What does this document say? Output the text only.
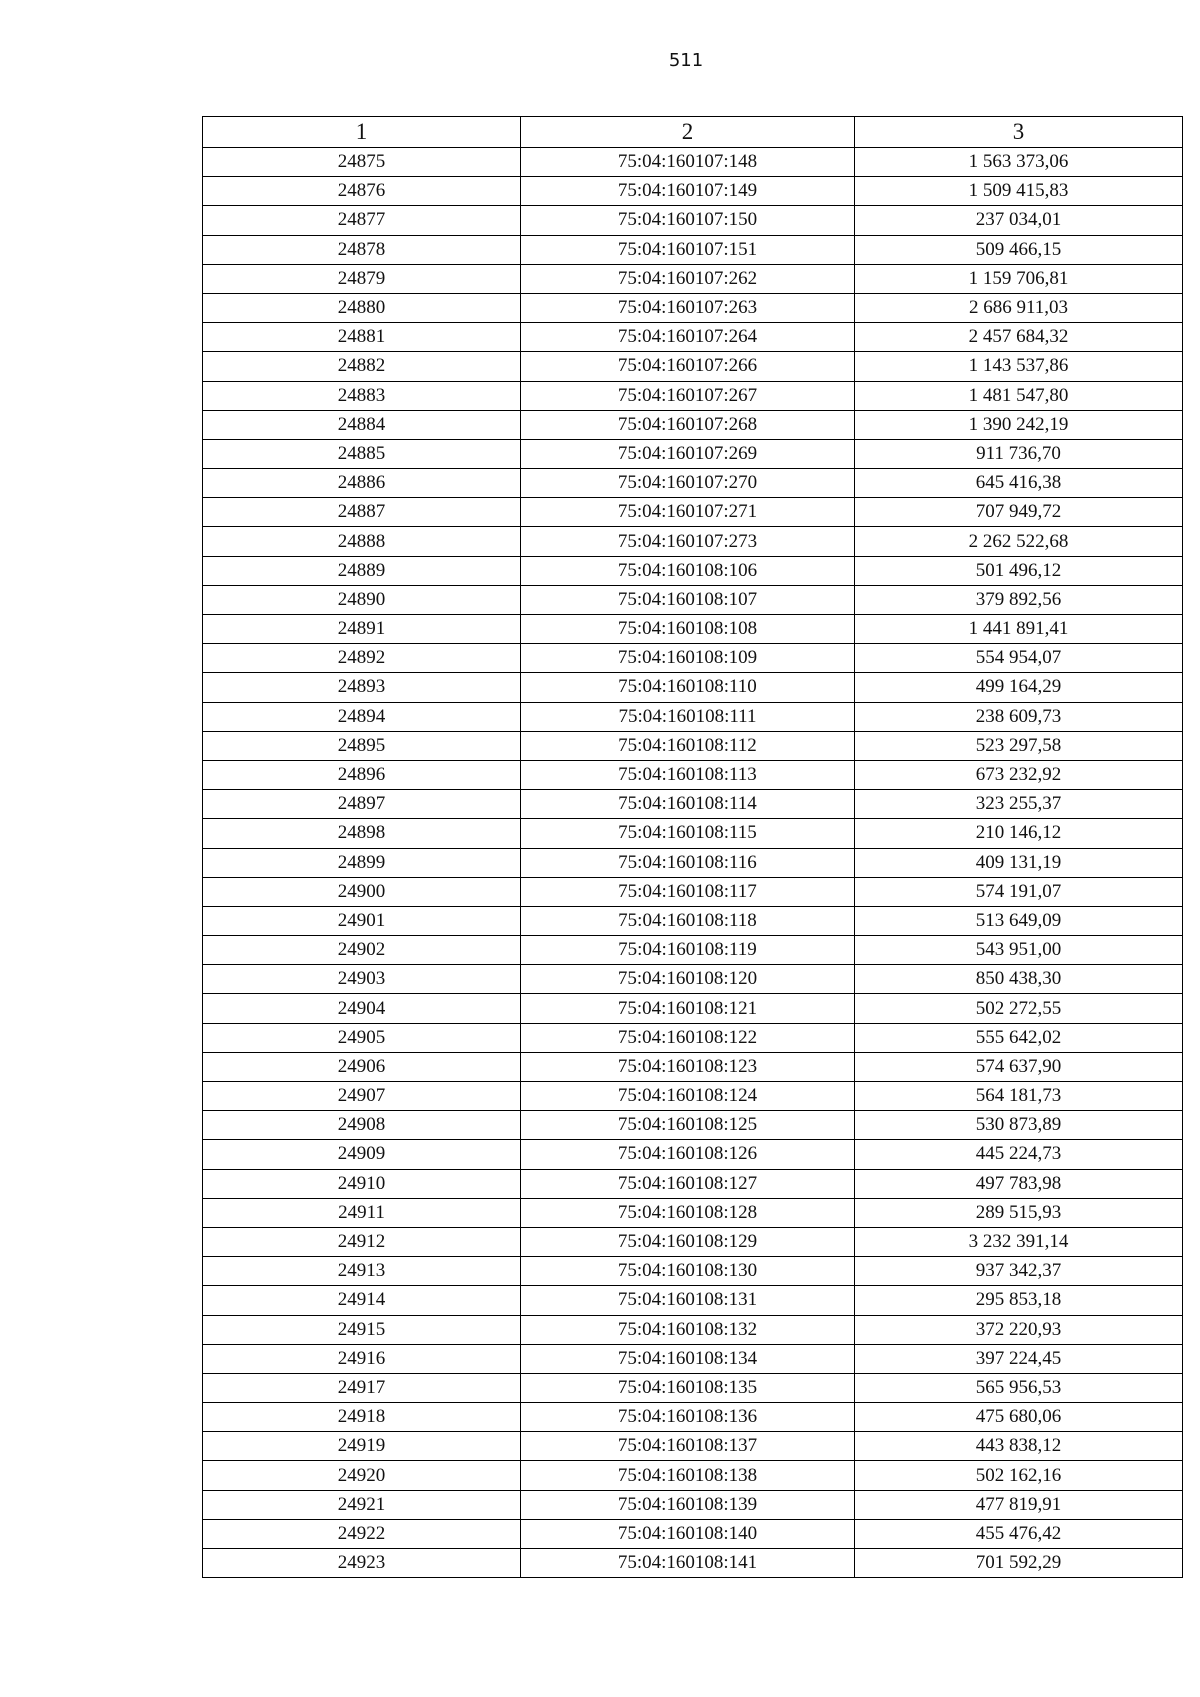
511
1	2	3
24875	75:04:160107:148	1 563 373,06
24876	75:04:160107:149	1 509 415,83
24877	75:04:160107:150	237 034,01
24878	75:04:160107:151	509 466,15
24879	75:04:160107:262	1 159 706,81
24880	75:04:160107:263	2 686 911,03
24881	75:04:160107:264	2 457 684,32
24882	75:04:160107:266	1 143 537,86
24883	75:04:160107:267	1 481 547,80
24884	75:04:160107:268	1 390 242,19
24885	75:04:160107:269	911 736,70
24886	75:04:160107:270	645 416,38
24887	75:04:160107:271	707 949,72
24888	75:04:160107:273	2 262 522,68
24889	75:04:160108:106	501 496,12
24890	75:04:160108:107	379 892,56
24891	75:04:160108:108	1 441 891,41
24892	75:04:160108:109	554 954,07
24893	75:04:160108:110	499 164,29
24894	75:04:160108:111	238 609,73
24895	75:04:160108:112	523 297,58
24896	75:04:160108:113	673 232,92
24897	75:04:160108:114	323 255,37
24898	75:04:160108:115	210 146,12
24899	75:04:160108:116	409 131,19
24900	75:04:160108:117	574 191,07
24901	75:04:160108:118	513 649,09
24902	75:04:160108:119	543 951,00
24903	75:04:160108:120	850 438,30
24904	75:04:160108:121	502 272,55
24905	75:04:160108:122	555 642,02
24906	75:04:160108:123	574 637,90
24907	75:04:160108:124	564 181,73
24908	75:04:160108:125	530 873,89
24909	75:04:160108:126	445 224,73
24910	75:04:160108:127	497 783,98
24911	75:04:160108:128	289 515,93
24912	75:04:160108:129	3 232 391,14
24913	75:04:160108:130	937 342,37
24914	75:04:160108:131	295 853,18
24915	75:04:160108:132	372 220,93
24916	75:04:160108:134	397 224,45
24917	75:04:160108:135	565 956,53
24918	75:04:160108:136	475 680,06
24919	75:04:160108:137	443 838,12
24920	75:04:160108:138	502 162,16
24921	75:04:160108:139	477 819,91
24922	75:04:160108:140	455 476,42
24923	75:04:160108:141	701 592,29
